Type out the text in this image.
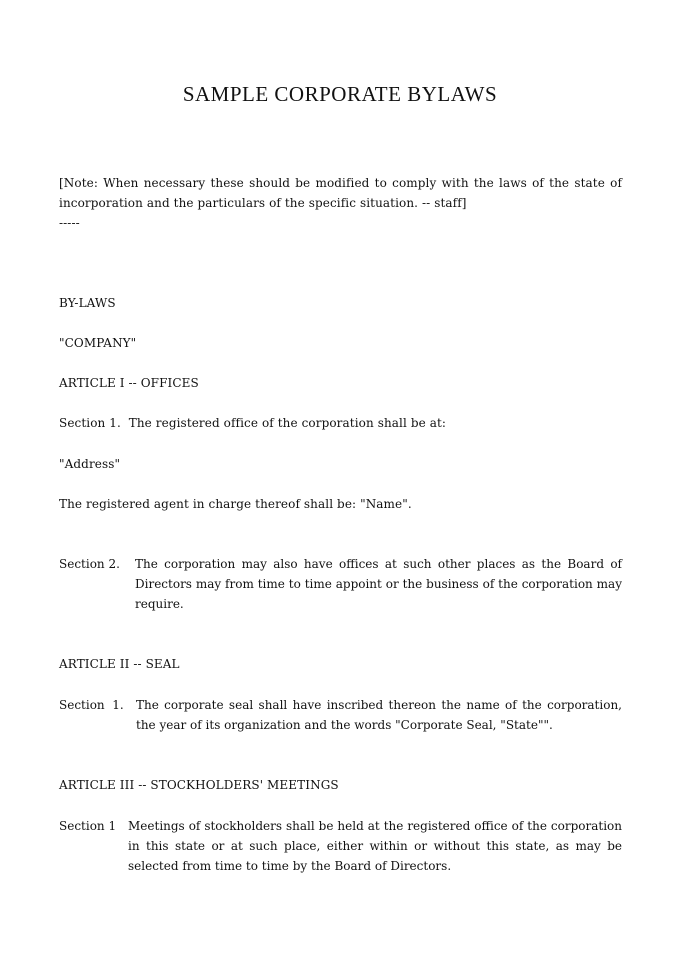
SAMPLE CORPORATE BYLAWS
[Note: When necessary these should be modified to comply with the laws of the state of incorporation and the particulars of the specific situation. -- staff]
-----
BY-LAWS
"COMPANY"
ARTICLE I -- OFFICES
Section 1.  The registered office of the corporation shall be at:
"Address"
The registered agent in charge thereof shall be: "Name".
Section 2. The corporation may also have offices at such other places as the Board of Directors may from time to time appoint or the business of the corporation may require.
ARTICLE II -- SEAL
Section  1. The corporate seal shall have inscribed thereon the name of the corporation, the year of its organization and the words "Corporate Seal, "State"".
ARTICLE III -- STOCKHOLDERS' MEETINGS
Section 1 Meetings of stockholders shall be held at the registered office of the corporation in this state or at such place, either within or without this state, as may be selected from time to time by the Board of Directors.
